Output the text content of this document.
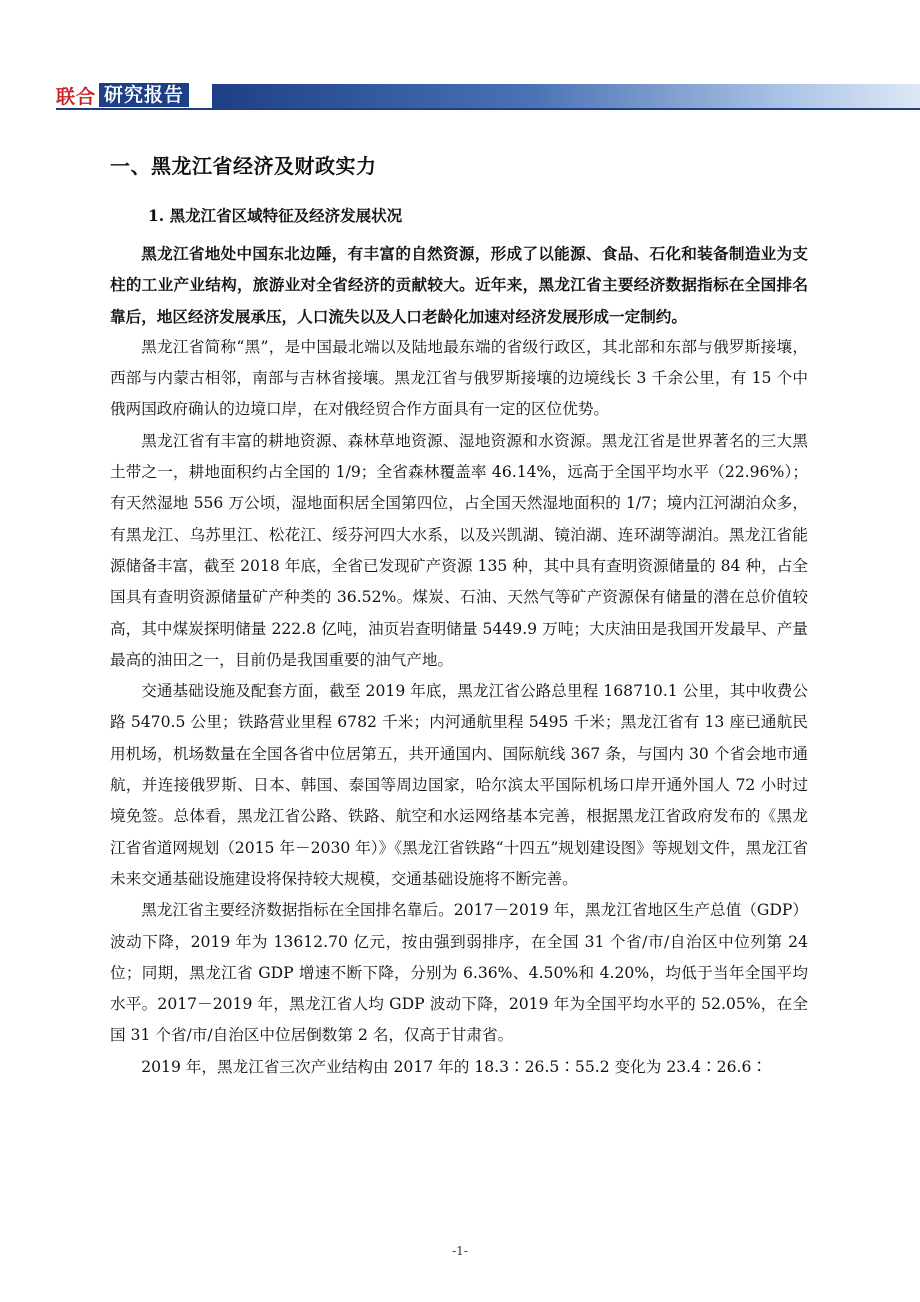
联合 研究报告
一、黑龙江省经济及财政实力
1. 黑龙江省区域特征及经济发展状况

黑龙江省地处中国东北边陲，有丰富的自然资源，形成了以能源、食品、石化和装备制造业为支柱的工业产业结构，旅游业对全省经济的贡献较大。近年来，黑龙江省主要经济数据指标在全国排名靠后，地区经济发展承压，人口流失以及人口老龄化加速对经济发展形成一定制约。

黑龙江省简称“黑”，是中国最北端以及陆地最东端的省级行政区，其北部和东部与俄罗斯接壤，西部与内蒙古相邻，南部与吉林省接壤。黑龙江省与俄罗斯接壤的边境线长 3 千余公里，有 15 个中俄两国政府确认的边境口岸，在对俄经贸合作方面具有一定的区位优势。

黑龙江省有丰富的耕地资源、森林草地资源、湿地资源和水资源。黑龙江省是世界著名的三大黑土带之一，耕地面积约占全国的 1/9；全省森林覆盖率 46.14%，远高于全国平均水平（22.96%）；有天然湿地 556 万公顷，湿地面积居全国第四位，占全国天然湿地面积的 1/7；境内江河湖泊众多，有黑龙江、乌苏里江、松花江、绥芬河四大水系，以及兴凯湖、镜泊湖、连环湖等湖泊。黑龙江省能源储备丰富，截至 2018 年底，全省已发现矿产资源 135 种，其中具有查明资源储量的 84 种，占全国具有查明资源储量矿产种类的 36.52%。煤炭、石油、天然气等矿产资源保有储量的潜在总价值较高，其中煤炭探明储量 222.8 亿吨，油页岩查明储量 5449.9 万吨；大庆油田是我国开发最早、产量最高的油田之一，目前仍是我国重要的油气产地。

交通基础设施及配套方面，截至 2019 年底，黑龙江省公路总里程 168710.1 公里，其中收费公路 5470.5 公里；铁路营业里程 6782 千米；内河通航里程 5495 千米；黑龙江省有 13 座已通航民用机场，机场数量在全国各省中位居第五，共开通国内、国际航线 367 条，与国内 30 个省会地市通航，并连接俄罗斯、日本、韩国、泰国等周边国家，哈尔滨太平国际机场口岸开通外国人 72 小时过境免签。总体看，黑龙江省公路、铁路、航空和水运网络基本完善，根据黑龙江省政府发布的《黑龙江省省道网规划（2015 年－2030 年）》《黑龙江省铁路“十四五”规划建设图》等规划文件，黑龙江省未来交通基础设施建设将保持较大规模，交通基础设施将不断完善。

黑龙江省主要经济数据指标在全国排名靠后。2017－2019 年，黑龙江省地区生产总值（GDP）波动下降，2019 年为 13612.70 亿元，按由强到弱排序，在全国 31 个省/市/自治区中位列第 24 位；同期，黑龙江省 GDP 增速不断下降，分别为 6.36%、4.50%和 4.20%，均低于当年全国平均水平。2017－2019 年，黑龙江省人均 GDP 波动下降，2019 年为全国平均水平的 52.05%，在全国 31 个省/市/自治区中位居倒数第 2 名，仅高于甘肃省。

2019 年，黑龙江省三次产业结构由 2017 年的 18.3∶26.5∶55.2 变化为 23.4∶26.6∶

-1-
